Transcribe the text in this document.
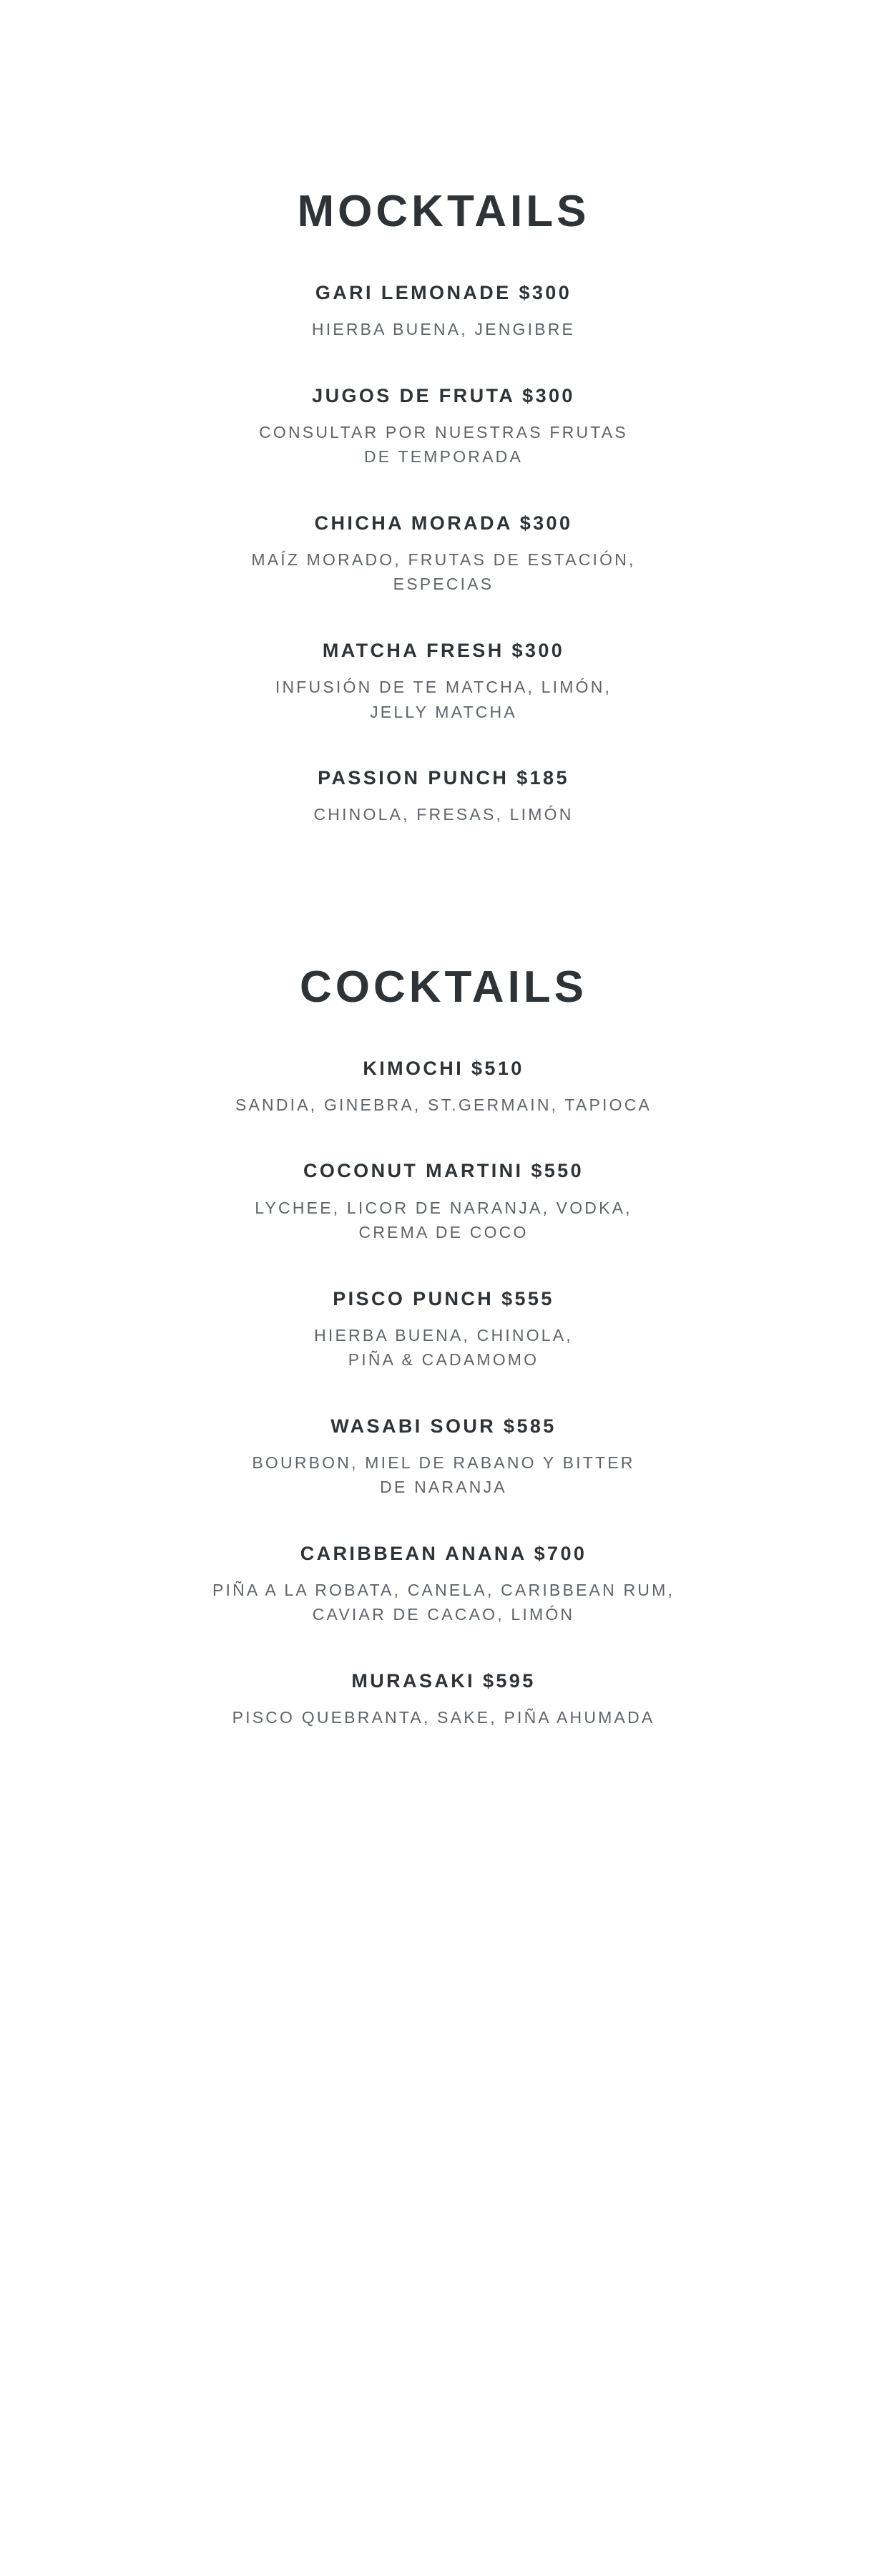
MOCKTAILS
GARI LEMONADE $300
HIERBA BUENA, JENGIBRE
JUGOS DE FRUTA $300
CONSULTAR POR NUESTRAS FRUTAS
DE TEMPORADA
CHICHA MORADA $300
MAÍZ MORADO, FRUTAS DE ESTACIÓN,
ESPECIAS
MATCHA FRESH $300
INFUSIÓN DE TE MATCHA, LIMÓN,
JELLY MATCHA
PASSION PUNCH $185
CHINOLA, FRESAS, LIMÓN
COCKTAILS
KIMOCHI $510
SANDIA, GINEBRA, ST.GERMAIN, TAPIOCA
COCONUT MARTINI $550
LYCHEE, LICOR DE NARANJA, VODKA,
CREMA DE COCO
PISCO PUNCH $555
HIERBA BUENA, CHINOLA,
PIÑA & CADAMOMO
WASABI SOUR $585
BOURBON, MIEL DE RABANO Y BITTER
DE NARANJA
CARIBBEAN ANANA $700
PIÑA A LA ROBATA, CANELA, CARIBBEAN RUM,
CAVIAR DE CACAO, LIMÓN
MURASAKI $595
PISCO QUEBRANTA, SAKE, PIÑA AHUMADA
